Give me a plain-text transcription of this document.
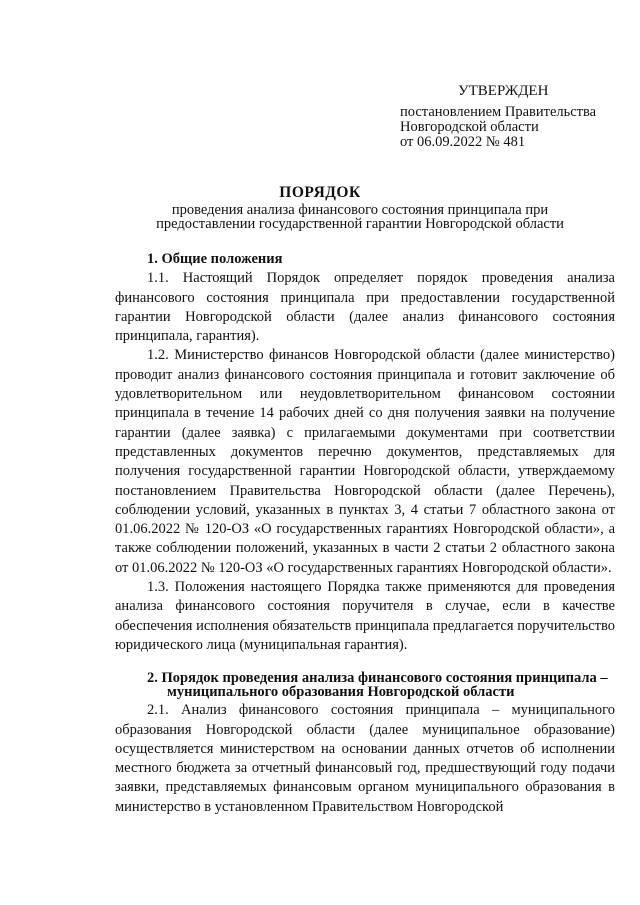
УТВЕРЖДЕН
постановлением Правительства
Новгородской области
от 06.09.2022 № 481
ПОРЯДОК
проведения анализа финансового состояния принципала при
предоставлении государственной гарантии Новгородской области

1. Общие положения

1.1. Настоящий Порядок определяет порядок проведения анализа финансового состояния принципала при предоставлении государственной гарантии Новгородской области (далее анализ финансового состояния принципала, гарантия).

1.2. Министерство финансов Новгородской области (далее министерство) проводит анализ финансового состояния принципала и готовит заключение об удовлетворительном или неудовлетворительном финансовом состоянии принципала в течение 14 рабочих дней со дня получения заявки на получение гарантии (далее заявка) с прилагаемыми документами при соответствии представленных документов перечню документов, представляемых для получения государственной гарантии Новгородской области, утверждаемому постановлением Правительства Новгородской области (далее Перечень), соблюдении условий, указанных в пунктах 3, 4 статьи 7 областного закона от 01.06.2022 № 120-ОЗ «О государственных гарантиях Новгородской области», а также соблюдении положений, указанных в части 2 статьи 2 областного закона от 01.06.2022 № 120-ОЗ «О государственных гарантиях Новгородской области».

1.3. Положения настоящего Порядка также применяются для проведения анализа финансового состояния поручителя в случае, если в качестве обеспечения исполнения обязательств принципала предлагается поручительство юридического лица (муниципальная гарантия).

2. Порядок проведения анализа финансового состояния принципала –
муниципального образования Новгородской области

2.1. Анализ финансового состояния принципала – муниципального образования Новгородской области (далее муниципальное образование) осуществляется министерством на основании данных отчетов об исполнении местного бюджета за отчетный финансовый год, предшествующий году подачи заявки, представляемых финансовым органом муниципального образования в министерство в установленном Правительством Новгородской
